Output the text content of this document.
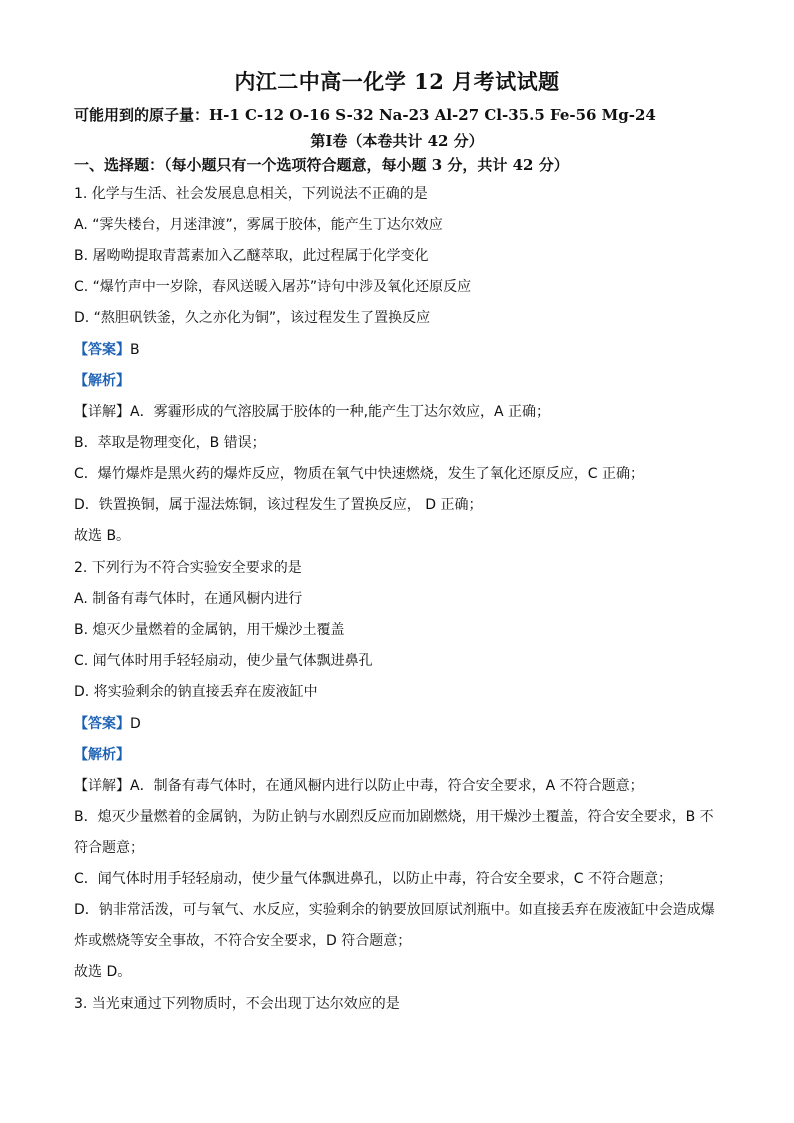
内江二中高一化学 12 月考试试题
可能用到的原子量：H-1 C-12 O-16 S-32 Na-23 Al-27 Cl-35.5 Fe-56 Mg-24
第Ⅰ卷（本卷共计 42 分）
一、选择题：（每小题只有一个选项符合题意，每小题 3 分，共计 42 分）
1. 化学与生活、社会发展息息相关，下列说法不正确的是
A. “霁失楼台，月迷津渡”，雾属于胶体，能产生丁达尔效应
B. 屠呦呦提取青蒿素加入乙醚萃取，此过程属于化学变化
C. “爆竹声中一岁除，春风送暖入屠苏”诗句中涉及氧化还原反应
D. “熬胆矾铁釜，久之亦化为铜”，该过程发生了置换反应
【答案】B
【解析】
【详解】A．雾霾形成的气溶胶属于胶体的一种,能产生丁达尔效应，A 正确；
B．萃取是物理变化，B 错误；
C．爆竹爆炸是黑火药的爆炸反应，物质在氧气中快速燃烧，发生了氧化还原反应，C 正确；
D．铁置换铜，属于湿法炼铜，该过程发生了置换反应， D 正确；
故选 B。
2. 下列行为不符合实验安全要求的是
A. 制备有毒气体时，在通风橱内进行
B. 熄灭少量燃着的金属钠，用干燥沙土覆盖
C. 闻气体时用手轻轻扇动，使少量气体飘进鼻孔
D. 将实验剩余的钠直接丢弃在废液缸中
【答案】D
【解析】
【详解】A．制备有毒气体时，在通风橱内进行以防止中毒，符合安全要求，A 不符合题意；
B．熄灭少量燃着的金属钠，为防止钠与水剧烈反应而加剧燃烧，用干燥沙土覆盖，符合安全要求，B 不
符合题意；
C．闻气体时用手轻轻扇动，使少量气体飘进鼻孔，以防止中毒，符合安全要求，C 不符合题意；
D．钠非常活泼，可与氧气、水反应，实验剩余的钠要放回原试剂瓶中。如直接丢弃在废液缸中会造成爆
炸或燃烧等安全事故，不符合安全要求，D 符合题意；
故选 D。
3. 当光束通过下列物质时，不会出现丁达尔效应的是
